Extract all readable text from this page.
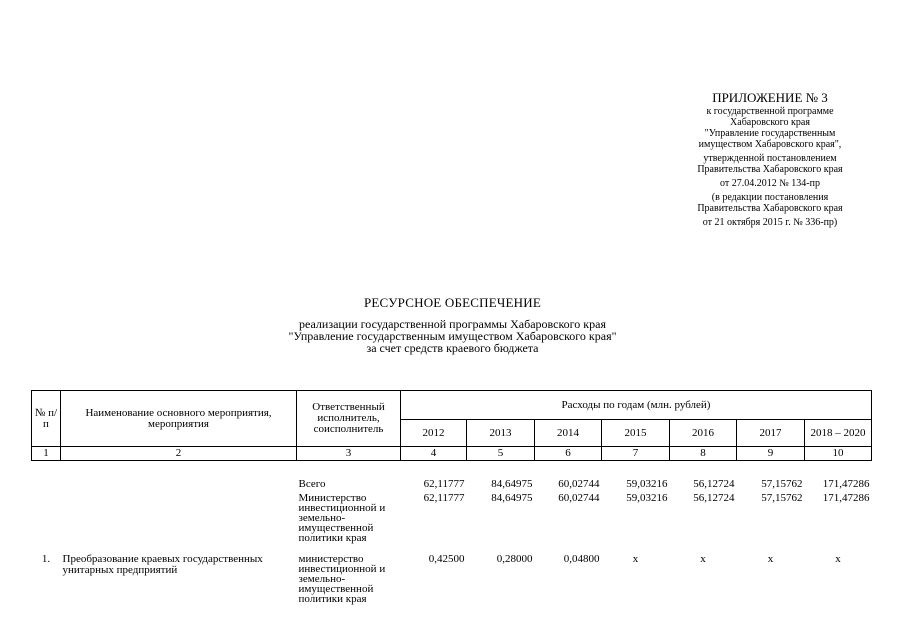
ПРИЛОЖЕНИЕ № 3
к государственной программе
Хабаровского края
"Управление государственным
имуществом Хабаровского края",
утвержденной постановлением
Правительства Хабаровского края
от 27.04.2012 № 134-пр
(в редакции постановления
Правительства Хабаровского края
от 21 октября 2015 г. № 336-пр)
РЕСУРСНОЕ ОБЕСПЕЧЕНИЕ
реализации государственной программы Хабаровского края
"Управление государственным имуществом Хабаровского края"
за счет средств краевого бюджета
№ п/п	Наименование основного мероприятия, мероприятия	Ответственный исполнитель, соисполнитель	Расходы по годам (млн. рублей)						
			2012	2013	2014	2015	2016	2017	2018 – 2020
1	2	3	4	5	6	7	8	9	10
		Всего	62,11777	84,64975	60,02744	59,03216	56,12724	57,15762	171,47286
		Министерство инвестиционной и земельно-имущественной политики края	62,11777	84,64975	60,02744	59,03216	56,12724	57,15762	171,47286
1.	Преобразование краевых государственных унитарных предприятий	министерство инвестиционной и земельно-имущественной политики края	0,42500	0,28000	0,04800	x	x	x	x
